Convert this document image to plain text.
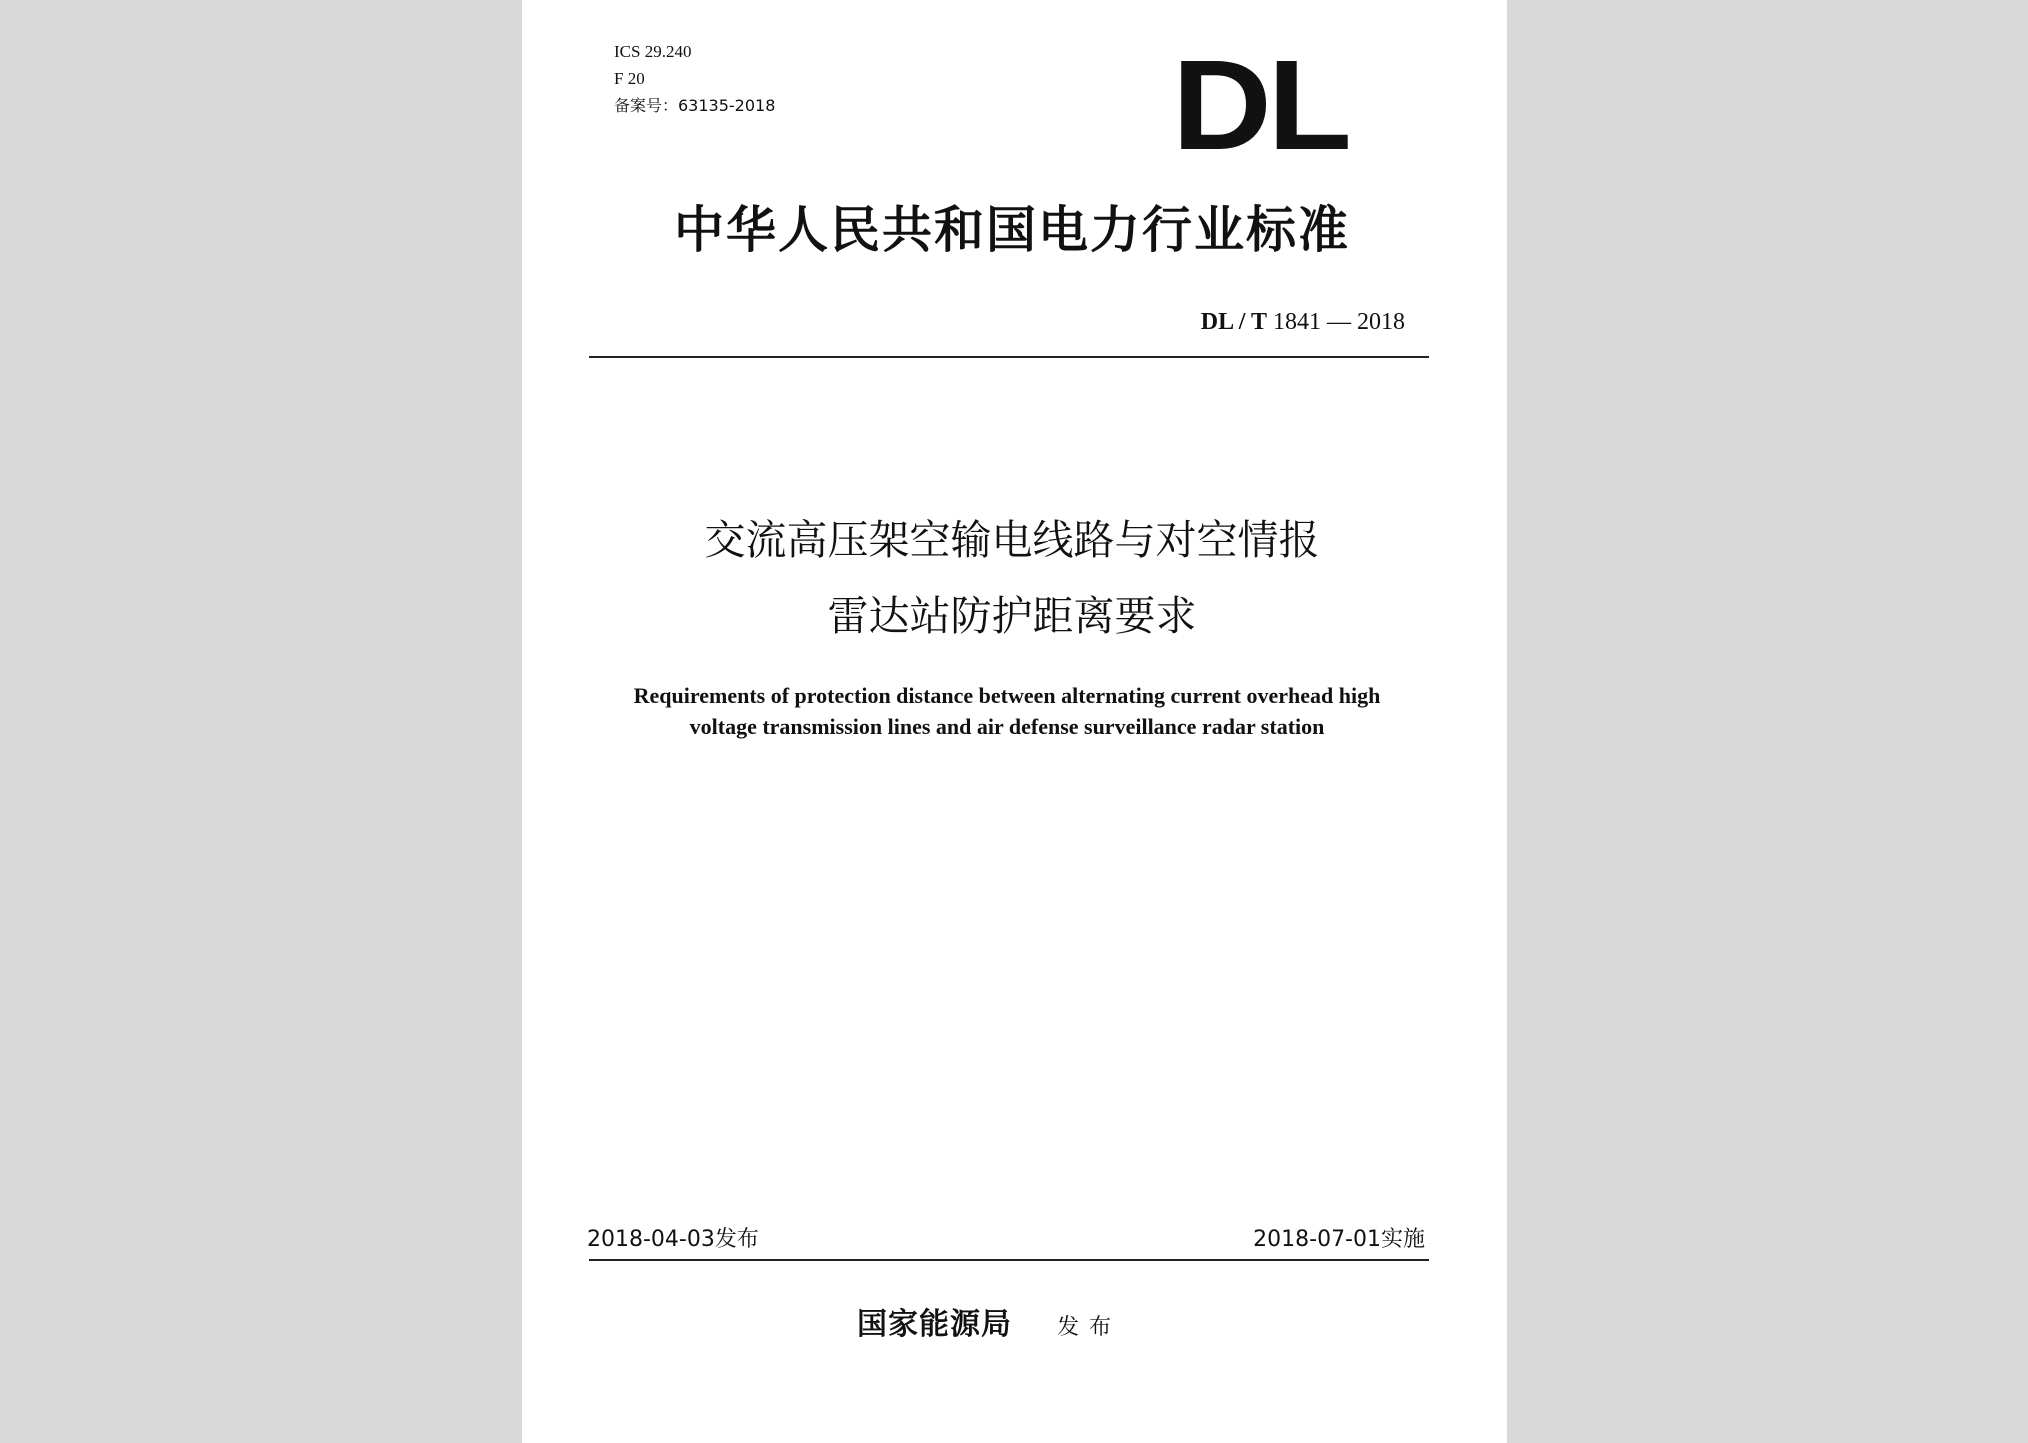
ICS 29.240
F 20
备案号：63135-2018	DL
中华人民共和国电力行业标准
DL / T 1841 — 2018
交流高压架空输电线路与对空情报
雷达站防护距离要求
Requirements of protection distance between alternating current overhead high
voltage transmission lines and air defense surveillance radar station
2018-04-03发布	2018-07-01实施
国家能源局 发布
